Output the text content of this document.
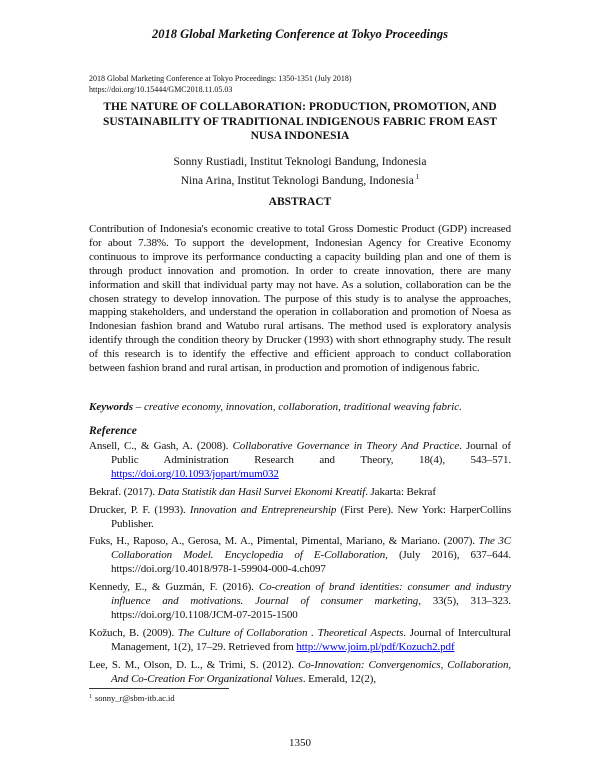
2018 Global Marketing Conference at Tokyo Proceedings
2018 Global Marketing Conference at Tokyo Proceedings: 1350-1351 (July 2018)
https://doi.org/10.15444/GMC2018.11.05.03
THE NATURE OF COLLABORATION: PRODUCTION, PROMOTION, AND SUSTAINABILITY OF TRADITIONAL INDIGENOUS FABRIC FROM EAST NUSA INDONESIA
Sonny Rustiadi, Institut Teknologi Bandung, Indonesia
Nina Arina, Institut Teknologi Bandung, Indonesia $^1$
ABSTRACT
Contribution of Indonesia's economic creative to total Gross Domestic Product (GDP) increased for about 7.38%. To support the development, Indonesian Agency for Creative Economy continuous to improve its performance conducting a capacity building plan and one of them is through product innovation and promotion. In order to create innovation, there are many information and skill that individual party may not have. As a solution, collaboration can be the chosen strategy to develop innovation. The purpose of this study is to analyse the approaches, mapping stakeholders, and understand the operation in collaboration and promotion of Noesa as Indonesian fashion brand and Watubo rural artisans. The method used is exploratory analysis identify through the condition theory by Drucker (1993) with short ethnography study. The result of this research is to identify the effective and efficient approach to conduct collaboration between fashion brand and rural artisan, in production and promotion of indigenous fabric.
Keywords – creative economy, innovation, collaboration, traditional weaving fabric.
Reference
Ansell, C., & Gash, A. (2008). Collaborative Governance in Theory And Practice. Journal of Public Administration Research and Theory, 18(4), 543–571. https://doi.org/10.1093/jopart/mum032
Bekraf. (2017). Data Statistik dan Hasil Survei Ekonomi Kreatif. Jakarta: Bekraf
Drucker, P. F. (1993). Innovation and Entrepreneurship (First Pere). New York: HarperCollins Publisher.
Fuks, H., Raposo, A., Gerosa, M. A., Pimental, Pimental, Mariano, & Mariano. (2007). The 3C Collaboration Model. Encyclopedia of E-Collaboration, (July 2016), 637–644. https://doi.org/10.4018/978-1-59904-000-4.ch097
Kennedy, E., & Guzmán, F. (2016). Co-creation of brand identities: consumer and industry influence and motivations. Journal of consumer marketing, 33(5), 313–323. https://doi.org/10.1108/JCM-07-2015-1500
Kožuch, B. (2009). The Culture of Collaboration . Theoretical Aspects. Journal of Intercultural Management, 1(2), 17–29. Retrieved from http://www.joim.pl/pdf/Kozuch2.pdf
Lee, S. M., Olson, D. L., & Trimi, S. (2012). Co-Innovation: Convergenomics, Collaboration, And Co-Creation For Organizational Values. Emerald, 12(2),
$^1$ sonny_r@sbm-itb.ac.id
1350
